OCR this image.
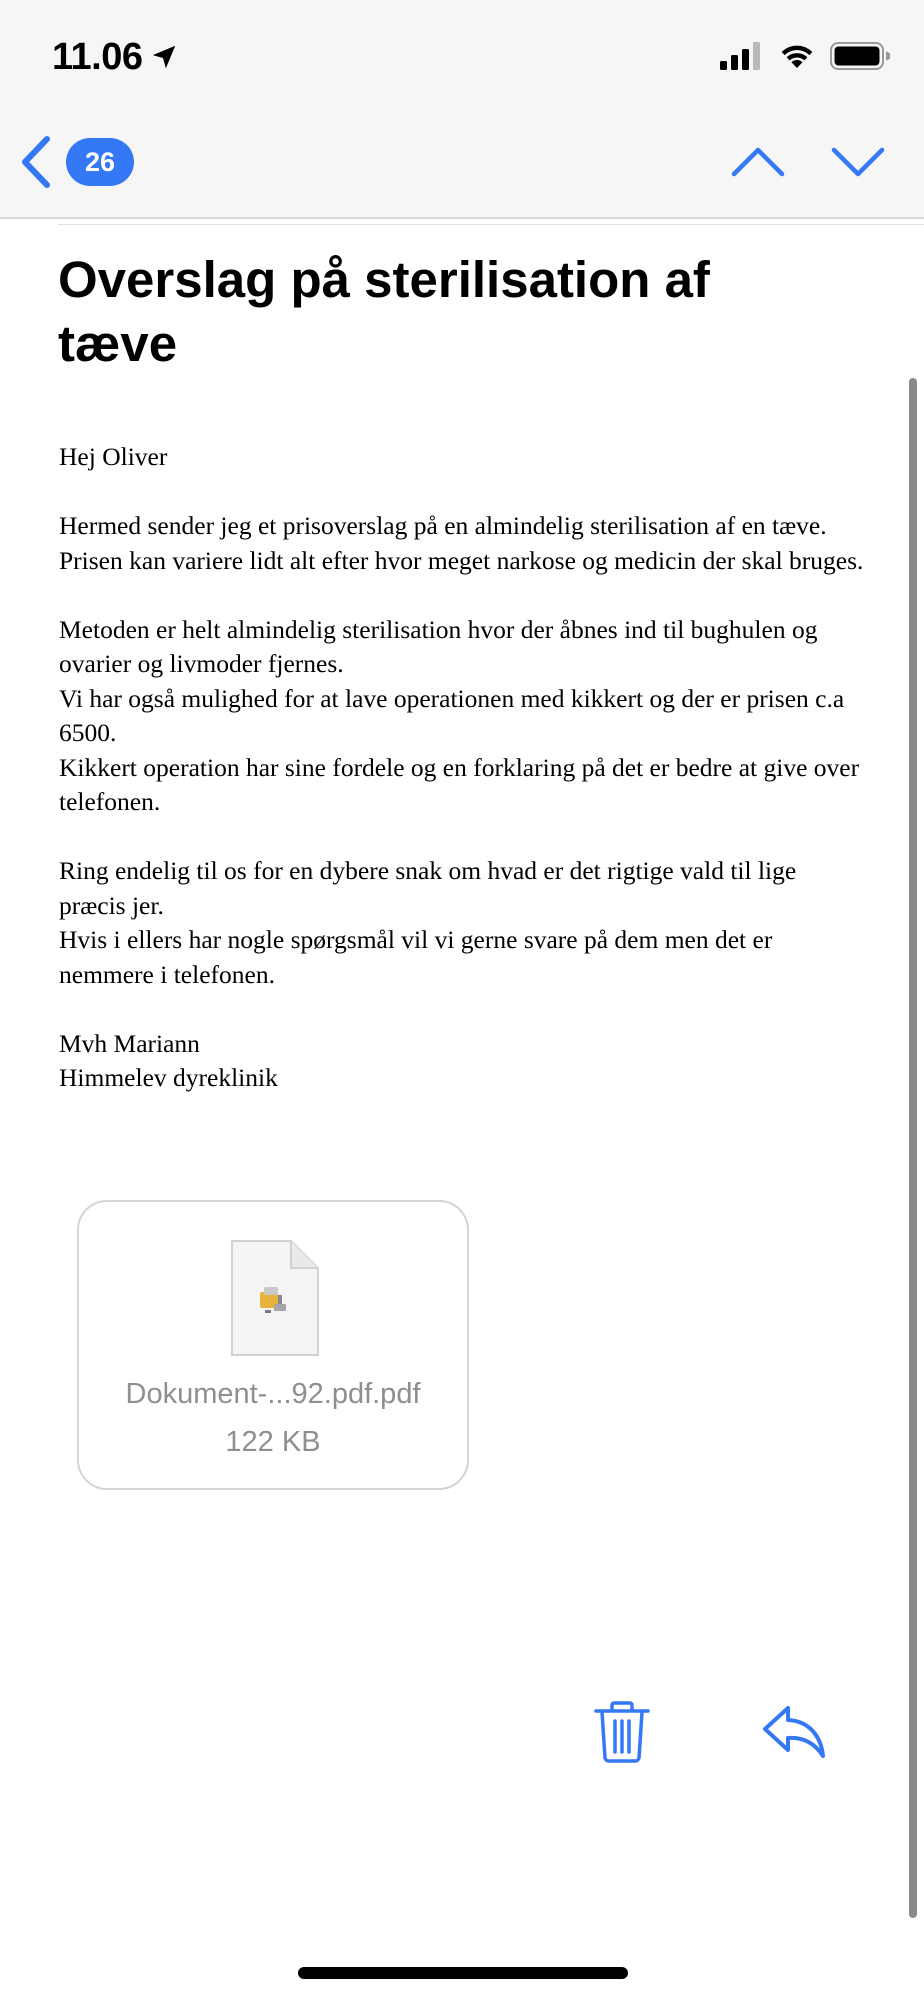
11.06
26
Overslag på sterilisation af tæve

Hej Oliver

Hermed sender jeg et prisoverslag på en almindelig sterilisation af en tæve.
Prisen kan variere lidt alt efter hvor meget narkose og medicin der skal bruges.

Metoden er helt almindelig sterilisation hvor der åbnes ind til bughulen og ovarier og livmoder fjernes.
Vi har også mulighed for at lave operationen med kikkert og der er prisen c.a 6500.
Kikkert operation har sine fordele og en forklaring på det er bedre at give over telefonen.

Ring endelig til os for en dybere snak om hvad er det rigtige vald til lige præcis jer.
Hvis i ellers har nogle spørgsmål vil vi gerne svare på dem men det er nemmere i telefonen.

Mvh Mariann
Himmelev dyreklinik

Dokument-...92.pdf.pdf
122 KB
